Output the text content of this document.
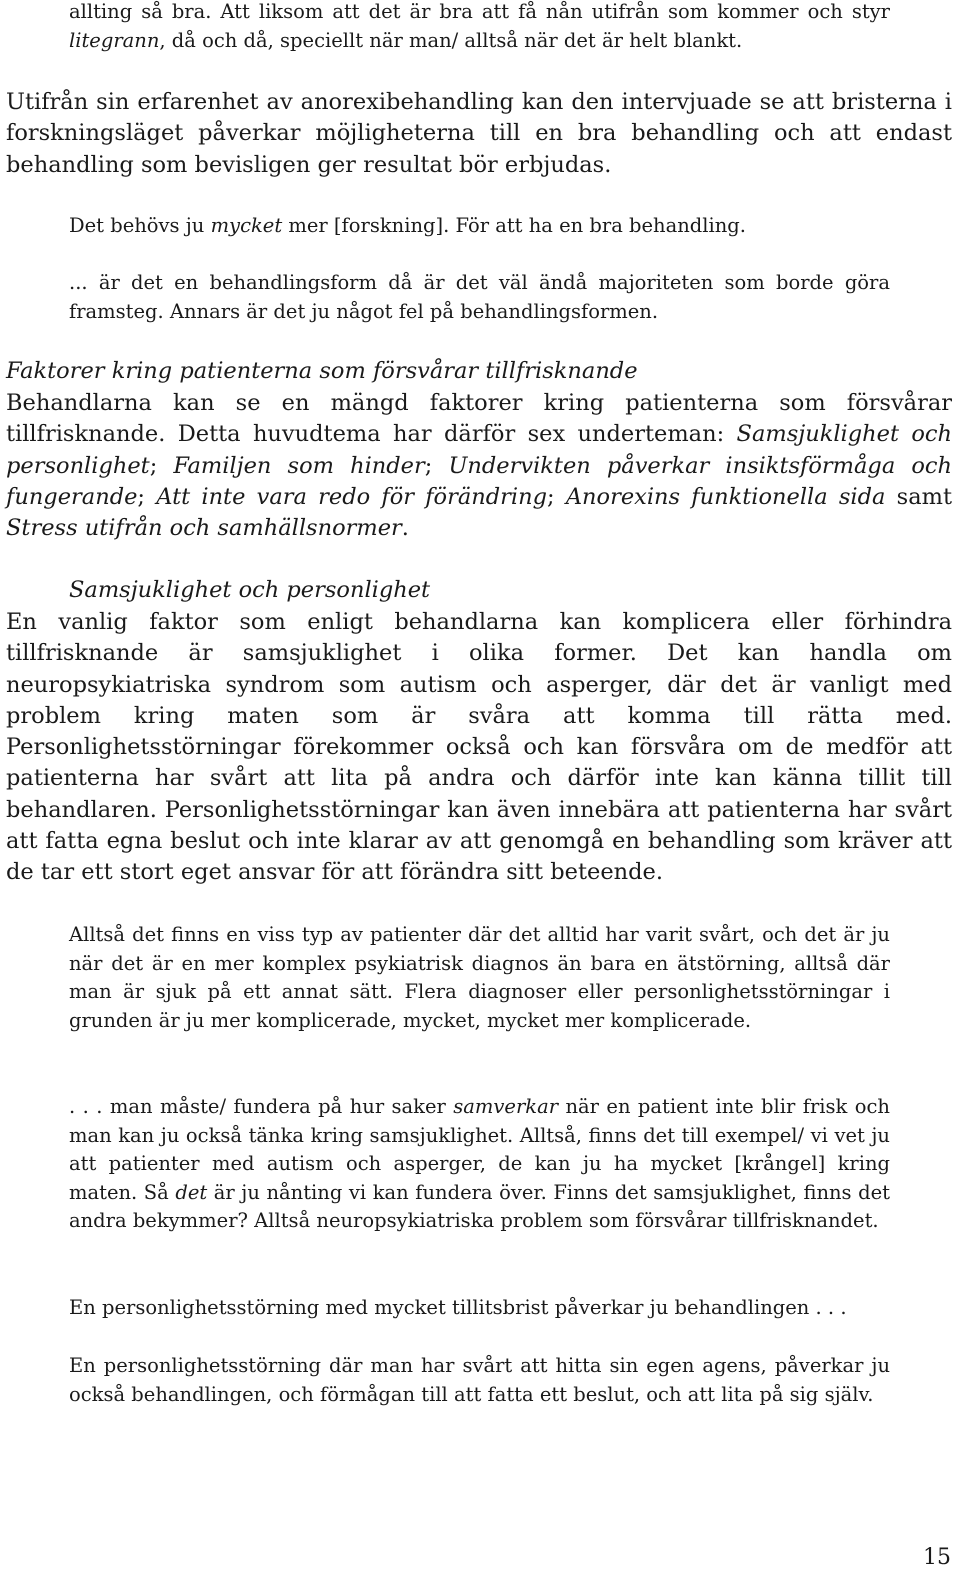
allting så bra. Att liksom att det är bra att få nån utifrån som kommer och styr litegrann, då och då, speciellt när man/ alltså när det är helt blankt.

Utifrån sin erfarenhet av anorexibehandling kan den intervjuade se att bristerna i forskningsläget påverkar möjligheterna till en bra behandling och att endast behandling som bevisligen ger resultat bör erbjudas.

Det behövs ju mycket mer [forskning]. För att ha en bra behandling.

... är det en behandlingsform då är det väl ändå majoriteten som borde göra framsteg. Annars är det ju något fel på behandlingsformen.

Faktorer kring patienterna som försvårar tillfrisknande

Behandlarna kan se en mängd faktorer kring patienterna som försvårar tillfrisknande. Detta huvudtema har därför sex underteman: Samsjuklighet och personlighet; Familjen som hinder; Undervikten påverkar insiktsförmåga och fungerande; Att inte vara redo för förändring; Anorexins funktionella sida samt Stress utifrån och samhällsnormer.

Samsjuklighet och personlighet

En vanlig faktor som enligt behandlarna kan komplicera eller förhindra tillfrisknande är samsjuklighet i olika former. Det kan handla om neuropsykiatriska syndrom som autism och asperger, där det är vanligt med problem kring maten som är svåra att komma till rätta med. Personlighetsstörningar förekommer också och kan försvåra om de medför att patienterna har svårt att lita på andra och därför inte kan känna tillit till behandlaren. Personlighetsstörningar kan även innebära att patienterna har svårt att fatta egna beslut och inte klarar av att genomgå en behandling som kräver att de tar ett stort eget ansvar för att förändra sitt beteende.

Alltså det finns en viss typ av patienter där det alltid har varit svårt, och det är ju när det är en mer komplex psykiatrisk diagnos än bara en ätstörning, alltså där man är sjuk på ett annat sätt. Flera diagnoser eller personlighetsstörningar i grunden är ju mer komplicerade, mycket, mycket mer komplicerade.

. . . man måste/ fundera på hur saker samverkar när en patient inte blir frisk och man kan ju också tänka kring samsjuklighet. Alltså, finns det till exempel/ vi vet ju att patienter med autism och asperger, de kan ju ha mycket [krångel] kring maten. Så det är ju nånting vi kan fundera över. Finns det samsjuklighet, finns det andra bekymmer? Alltså neuropsykiatriska problem som försvårar tillfrisknandet.

En personlighetsstörning med mycket tillitsbrist påverkar ju behandlingen . . .

En personlighetsstörning där man har svårt att hitta sin egen agens, påverkar ju också behandlingen, och förmågan till att fatta ett beslut, och att lita på sig själv.

15
